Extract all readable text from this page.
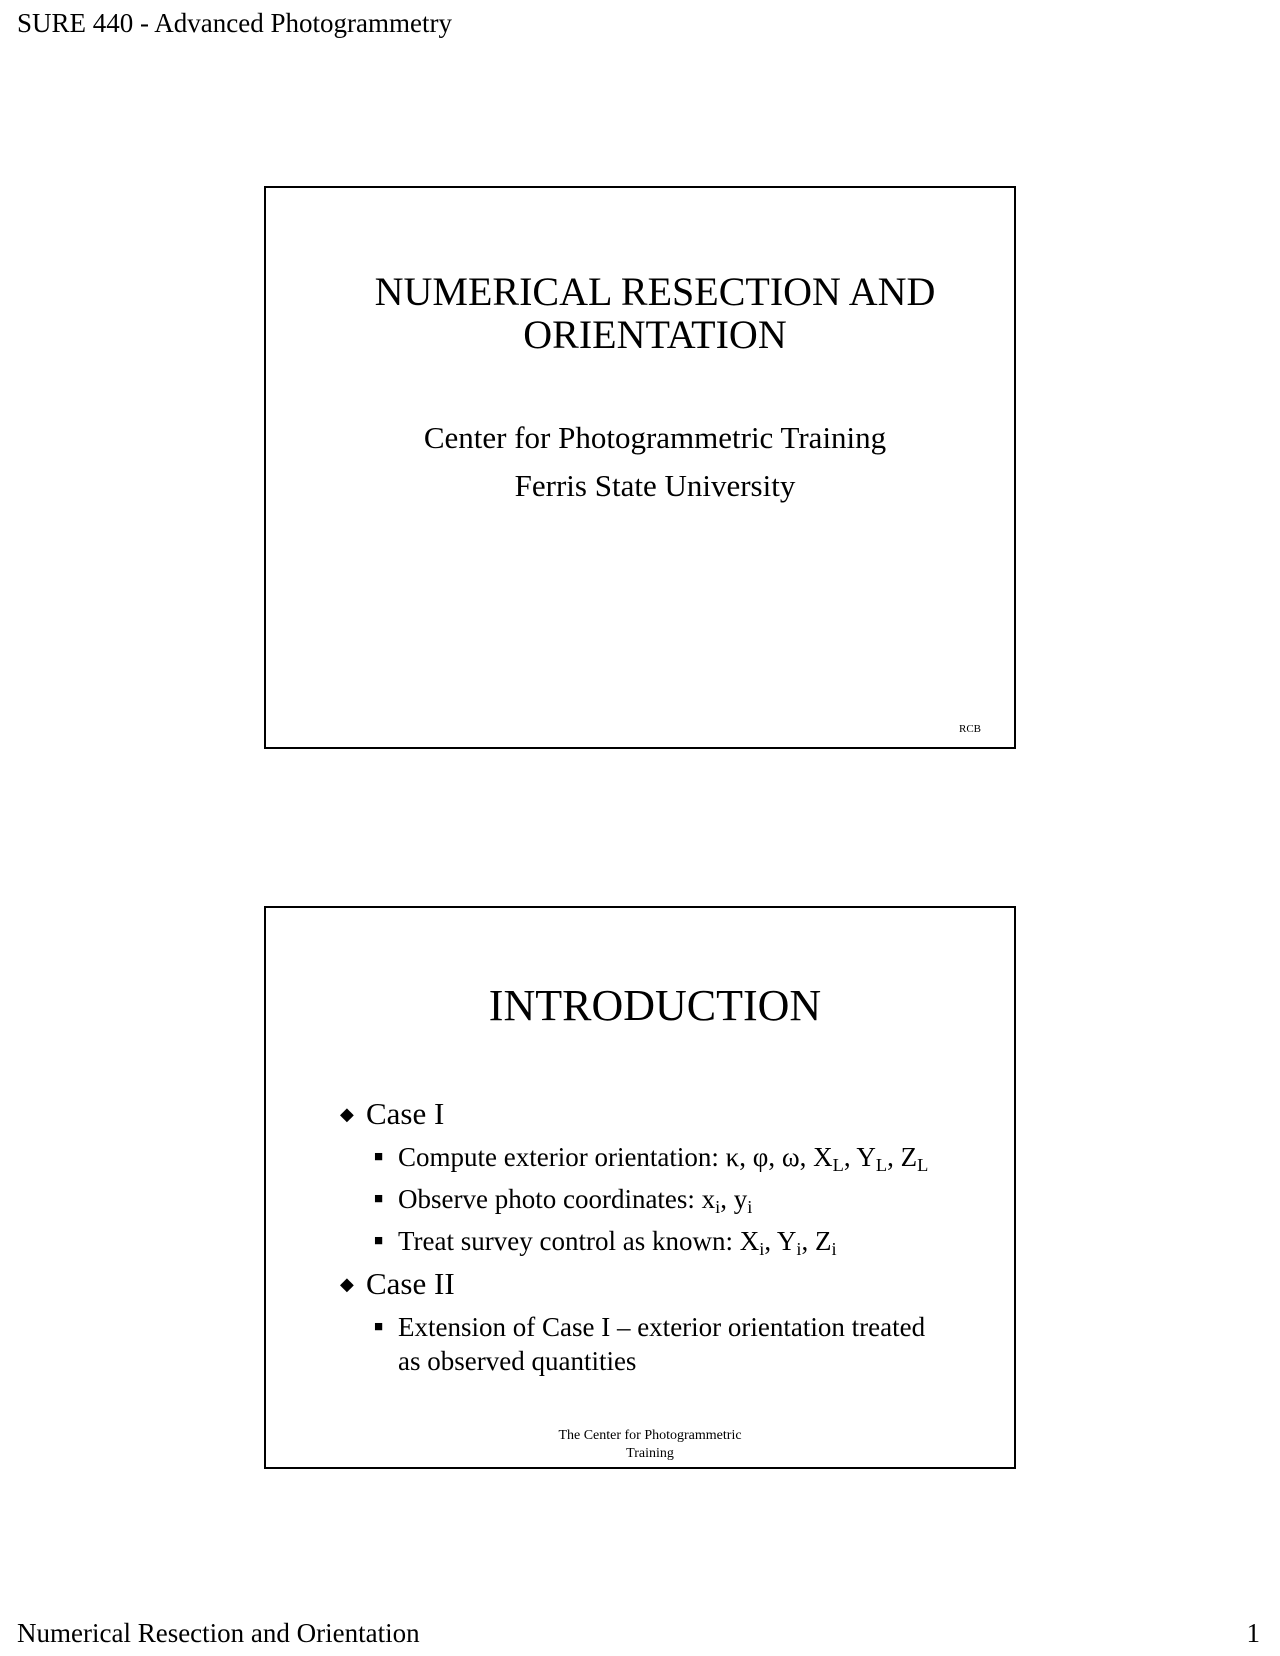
SURE 440 - Advanced Photogrammetry
NUMERICAL RESECTION AND
ORIENTATION
Center for Photogrammetric Training
Ferris State University
RCB
INTRODUCTION
◆ Case I
■ Compute exterior orientation: κ, φ, ω, $X_L$, $Y_L$, $Z_L$
■ Observe photo coordinates: $x_i$, $y_i$
■ Treat survey control as known: $X_i$, $Y_i$, $Z_i$
◆ Case II
■ Extension of Case I – exterior orientation treated
as observed quantities
The Center for Photogrammetric
Training
Numerical Resection and Orientation	1
